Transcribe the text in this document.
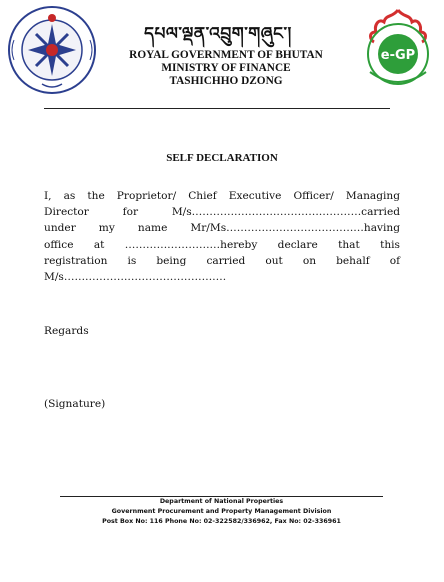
དཔལ་ལྡན་འབྲུག་གཞུང་།
ROYAL GOVERNMENT OF BHUTAN
MINISTRY OF FINANCE
TASHICHHO DZONG
e-GP
SELF DECLARATION
I, as the Proprietor/ Chief Executive Officer/ Managing
Director for M/s…………………………………………carried
under my name Mr/Ms…………………………………having
office at ………………………hereby declare that this
registration is being carried out on behalf of
M/s……………………………………….
Regards
(Signature)
Department of National Properties
Government Procurement and Property Management Division
Post Box No: 116 Phone No: 02-322582/336962, Fax No: 02-336961
